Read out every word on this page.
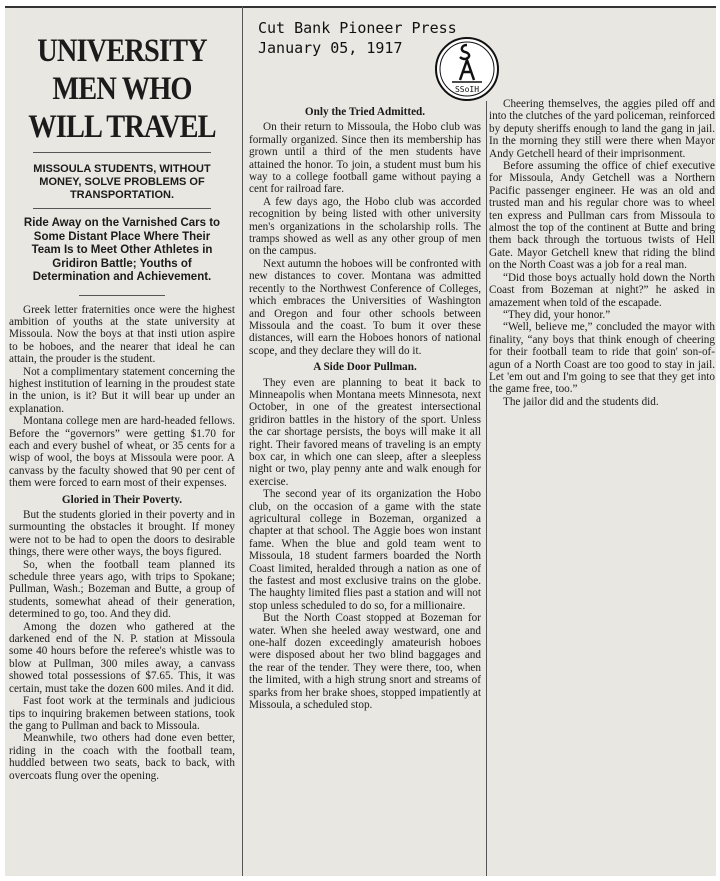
UNIVERSITY MEN WHO WILL TRAVEL
MISSOULA STUDENTS, WITHOUT MONEY, SOLVE PROBLEMS OF TRANSPORTATION.
Ride Away on the Varnished Cars to Some Distant Place Where Their Team Is to Meet Other Athletes in Gridiron Battle; Youths of Determination and Achievement.

Greek letter fraternities once were the highest ambition of youths at the state university at Missoula. Now the boys at that insti ution aspire to be hoboes, and the nearer that ideal he can attain, the prouder is the student.

Not a complimentary statement concerning the highest institution of learning in the proudest state in the union, is it? But it will bear up under an explanation.

Montana college men are hard-headed fellows. Before the “governors” were getting $1.70 for each and every bushel of wheat, or 35 cents for a wisp of wool, the boys at Missoula were poor. A canvass by the faculty showed that 90 per cent of them were forced to earn most of their expenses.

Gloried in Their Poverty.

But the students gloried in their poverty and in surmounting the obstacles it brought. If money were not to be had to open the doors to desirable things, there were other ways, the boys figured.

So, when the football team planned its schedule three years ago, with trips to Spokane; Pullman, Wash.; Bozeman and Butte, a group of students, somewhat ahead of their generation, determined to go, too. And they did.

Among the dozen who gathered at the darkened end of the N. P. station at Missoula some 40 hours before the referee's whistle was to blow at Pullman, 300 miles away, a canvass showed total possessions of $7.65. This, it was certain, must take the dozen 600 miles. And it did.

Fast foot work at the terminals and judicious tips to inquiring brakemen between stations, took the gang to Pullman and back to Missoula.

Meanwhile, two others had done even better, riding in the coach with the football team, huddled between two seats, back to back, with overcoats flung over the opening.

Only the Tried Admitted.

On their return to Missoula, the Hobo club was formally organized. Since then its membership has grown until a third of the men students have attained the honor. To join, a student must bum his way to a college football game without paying a cent for railroad fare.

A few days ago, the Hobo club was accorded recognition by being listed with other university men's organizations in the scholarship rolls. The tramps showed as well as any other group of men on the campus.

Next autumn the hoboes will be confronted with new distances to cover. Montana was admitted recently to the Northwest Conference of Colleges, which embraces the Universities of Washington and Oregon and four other schools between Missoula and the coast. To bum it over these distances, will earn the Hoboes honors of national scope, and they declare they will do it.

A Side Door Pullman.

They even are planning to beat it back to Minneapolis when Montana meets Minnesota, next October, in one of the greatest intersectional gridiron battles in the history of the sport. Unless the car shortage persists, the boys will make it all right. Their favored means of traveling is an empty box car, in which one can sleep, after a sleepless night or two, play penny ante and walk enough for exercise.

The second year of its organization the Hobo club, on the occasion of a game with the state agricultural college in Bozeman, organized a chapter at that school. The Aggie boes won instant fame. When the blue and gold team went to Missoula, 18 student farmers boarded the North Coast limited, heralded through a nation as one of the fastest and most exclusive trains on the globe. The haughty limited flies past a station and will not stop unless scheduled to do so, for a millionaire.

But the North Coast stopped at Bozeman for water. When she heeled away westward, one and one-half dozen exceedingly amateurish hoboes were disposed about her two blind baggages and the rear of the tender. They were there, too, when the limited, with a high strung snort and streams of sparks from her brake shoes, stopped impatiently at Missoula, a scheduled stop.

Cheering themselves, the aggies piled off and into the clutches of the yard policeman, reinforced by deputy sheriffs enough to land the gang in jail. In the morning they still were there when Mayor Andy Getchell heard of their imprisonment.

Before assuming the office of chief executive for Missoula, Andy Getchell was a Northern Pacific passenger engineer. He was an old and trusted man and his regular chore was to wheel ten express and Pullman cars from Missoula to almost the top of the continent at Butte and bring them back through the tortuous twists of Hell Gate. Mayor Getchell knew that riding the blind on the North Coast was a job for a real man.

“Did those boys actually hold down the North Coast from Bozeman at night?” he asked in amazement when told of the escapade.

“They did, your honor.”

“Well, believe me,” concluded the mayor with finality, “any boys that think enough of cheering for their football team to ride that goin' son-of-agun of a North Coast are too good to stay in jail. Let 'em out and I'm going to see that they get into the game free, too.”

The jailor did and the students did.

Cut Bank Pioneer Press
January 05, 1917
SSoIH
